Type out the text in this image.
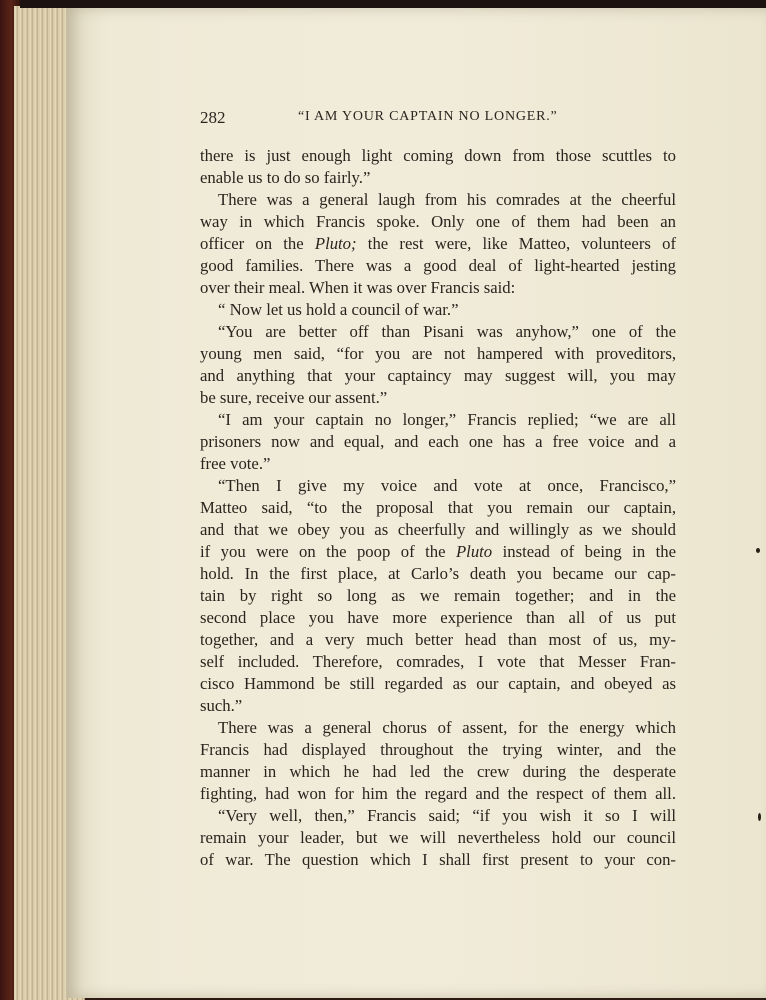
282	“I AM YOUR CAPTAIN NO LONGER.”
there is just enough light coming down from those scuttles to
enable us to do so fairly.”
There was a general laugh from his comrades at the cheerful
way in which Francis spoke. Only one of them had been an
officer on the Pluto; the rest were, like Matteo, volunteers of
good families. There was a good deal of light-hearted jesting
over their meal. When it was over Francis said:
“ Now let us hold a council of war.”
“You are better off than Pisani was anyhow,” one of the
young men said, “for you are not hampered with proveditors,
and anything that your captaincy may suggest will, you may
be sure, receive our assent.”
“I am your captain no longer,” Francis replied; “we are all
prisoners now and equal, and each one has a free voice and a
free vote.”
“Then I give my voice and vote at once, Francisco,”
Matteo said, “to the proposal that you remain our captain,
and that we obey you as cheerfully and willingly as we should
if you were on the poop of the Pluto instead of being in the
hold. In the first place, at Carlo’s death you became our cap-
tain by right so long as we remain together; and in the
second place you have more experience than all of us put
together, and a very much better head than most of us, my-
self included. Therefore, comrades, I vote that Messer Fran-
cisco Hammond be still regarded as our captain, and obeyed as
such.”
There was a general chorus of assent, for the energy which
Francis had displayed throughout the trying winter, and the
manner in which he had led the crew during the desperate
fighting, had won for him the regard and the respect of them all.
“Very well, then,” Francis said; “if you wish it so I will
remain your leader, but we will nevertheless hold our council
of war. The question which I shall first present to your con-
